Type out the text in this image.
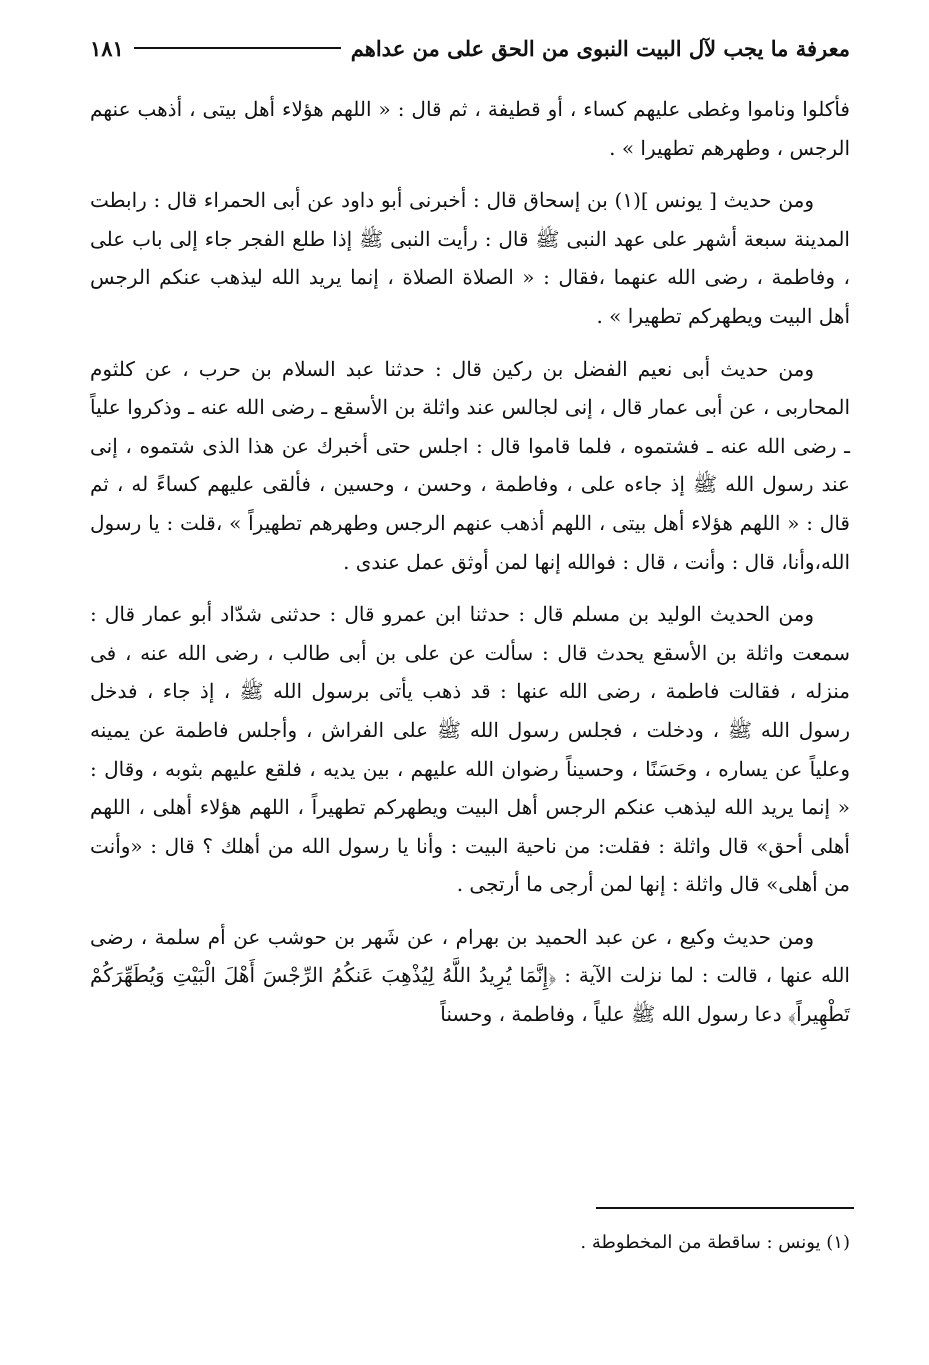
معرفة ما يجب لآل البيت النبوى من الحق على من عداهم
١٨١

فأكلوا وناموا وغطى عليهم كساء ، أو قطيفة ، ثم قال : « اللهم هؤلاء أهل بيتى ، أذهب عنهم الرجس ، وطهرهم تطهيرا » .

ومن حديث [ يونس ](١) بن إسحاق قال : أخبرنى أبو داود عن أبى الحمراء قال : رابطت المدينة سبعة أشهر على عهد النبى ﷺ قال : رأيت النبى ﷺ إذا طلع الفجر جاء إلى باب على ، وفاطمة ، رضى الله عنهما ،فقال : « الصلاة الصلاة ، إنما يريد الله ليذهب عنكم الرجس أهل البيت ويطهركم تطهيرا » .

ومن حديث أبى نعيم الفضل بن ركين قال : حدثنا عبد السلام بن حرب ، عن كلثوم المحاربى ، عن أبى عمار قال ، إنى لجالس عند واثلة بن الأسقع ـ رضى الله عنه ـ وذكروا علياً ـ رضى الله عنه ـ فشتموه ، فلما قاموا قال : اجلس حتى أخبرك عن هذا الذى شتموه ، إنى عند رسول الله ﷺ إذ جاءه على ، وفاطمة ، وحسن ، وحسين ، فألقى عليهم كساءً له ، ثم قال : « اللهم هؤلاء أهل بيتى ، اللهم أذهب عنهم الرجس وطهرهم تطهيراً » ،قلت : يا رسول الله،وأنا، قال : وأنت ، قال : فوالله إنها لمن أوثق عمل عندى .

ومن الحديث الوليد بن مسلم قال : حدثنا ابن عمرو قال : حدثنى شدّاد أبو عمار قال : سمعت واثلة بن الأسقع يحدث قال : سألت عن على بن أبى طالب ، رضى الله عنه ، فى منزله ، فقالت فاطمة ، رضى الله عنها : قد ذهب يأتى برسول الله ﷺ ، إذ جاء ، فدخل رسول الله ﷺ ، ودخلت ، فجلس رسول الله ﷺ على الفراش ، وأجلس فاطمة عن يمينه وعلياً عن يساره ، وحَسَنًا ، وحسيناً رضوان الله عليهم ، بين يديه ، فلقع عليهم بثوبه ، وقال : « إنما يريد الله ليذهب عنكم الرجس أهل البيت ويطهركم تطهيراً ، اللهم هؤلاء أهلى ، اللهم أهلى أحق» قال واثلة : فقلت: من ناحية البيت : وأنا يا رسول الله من أهلك ؟ قال : «وأنت من أهلى» قال واثلة : إنها لمن أرجى ما أرتجى .

ومن حديث وكيع ، عن عبد الحميد بن بهرام ، عن شَهر بن حوشب عن أم سلمة ، رضى الله عنها ، قالت : لما نزلت الآية : ﴿إِنَّمَا يُرِيدُ اللَّهُ لِيُذْهِبَ عَنكُمُ الرِّجْسَ أَهْلَ الْبَيْتِ وَيُطَهِّرَكُمْ تَطْهِيراً﴾ دعا رسول الله ﷺ علياً ، وفاطمة ، وحسناً

(١) يونس : ساقطة من المخطوطة .
